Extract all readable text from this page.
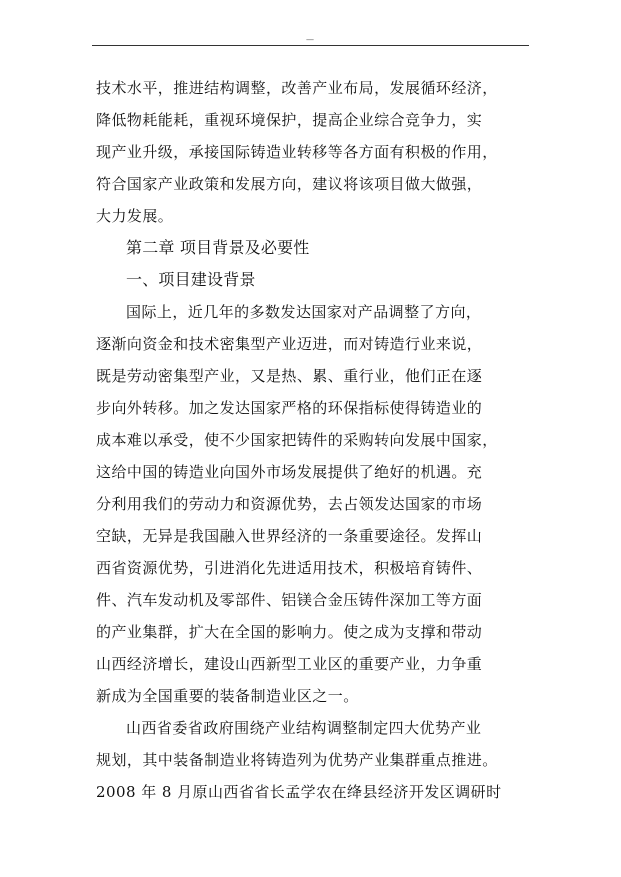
—
技术水平，推进结构调整，改善产业布局，发展循环经济，
降低物耗能耗，重视环境保护，提高企业综合竞争力，实
现产业升级，承接国际铸造业转移等各方面有积极的作用，
符合国家产业政策和发展方向，建议将该项目做大做强，
大力发展。
第二章 项目背景及必要性
一、项目建设背景
国际上，近几年的多数发达国家对产品调整了方向，
逐渐向资金和技术密集型产业迈进，而对铸造行业来说，
既是劳动密集型产业，又是热、累、重行业，他们正在逐
步向外转移。加之发达国家严格的环保指标使得铸造业的
成本难以承受，使不少国家把铸件的采购转向发展中国家，
这给中国的铸造业向国外市场发展提供了绝好的机遇。充
分利用我们的劳动力和资源优势，去占领发达国家的市场
空缺，无异是我国融入世界经济的一条重要途径。发挥山
西省资源优势，引进消化先进适用技术，积极培育铸件、
件、汽车发动机及零部件、铝镁合金压铸件深加工等方面
的产业集群，扩大在全国的影响力。使之成为支撑和带动
山西经济增长，建设山西新型工业区的重要产业，力争重
新成为全国重要的装备制造业区之一。
山西省委省政府围绕产业结构调整制定四大优势产业
规划，其中装备制造业将铸造列为优势产业集群重点推进。
2008 年 8 月原山西省省长孟学农在绛县经济开发区调研时
